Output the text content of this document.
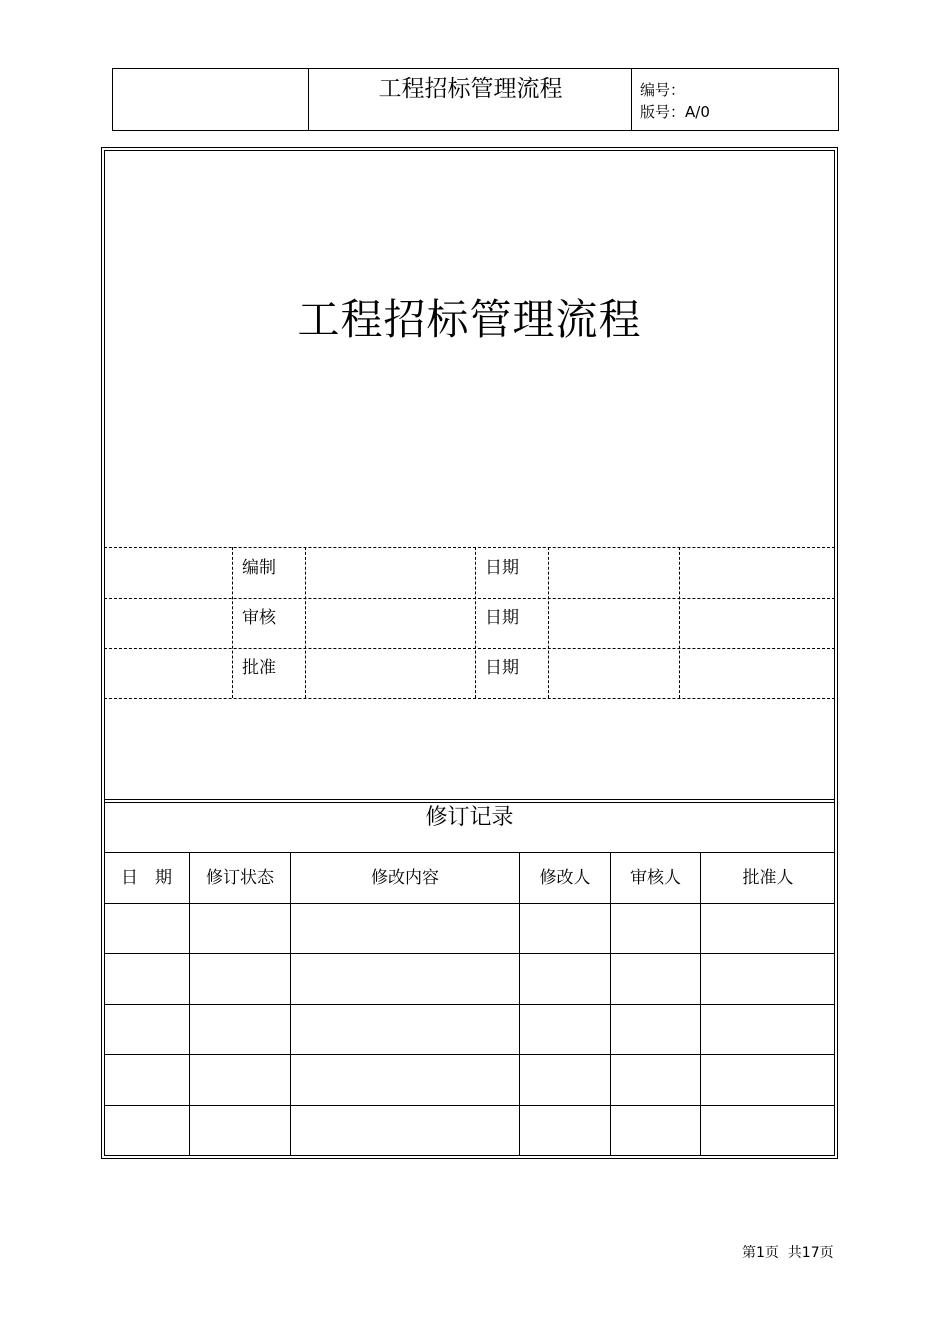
工程招标管理流程	编号：
版号：A/0
工程招标管理流程
编制	日期
审核	日期
批准	日期
修订记录
日　期	修订状态	修改内容	修改人	审核人	批准人
第1页  共17页
